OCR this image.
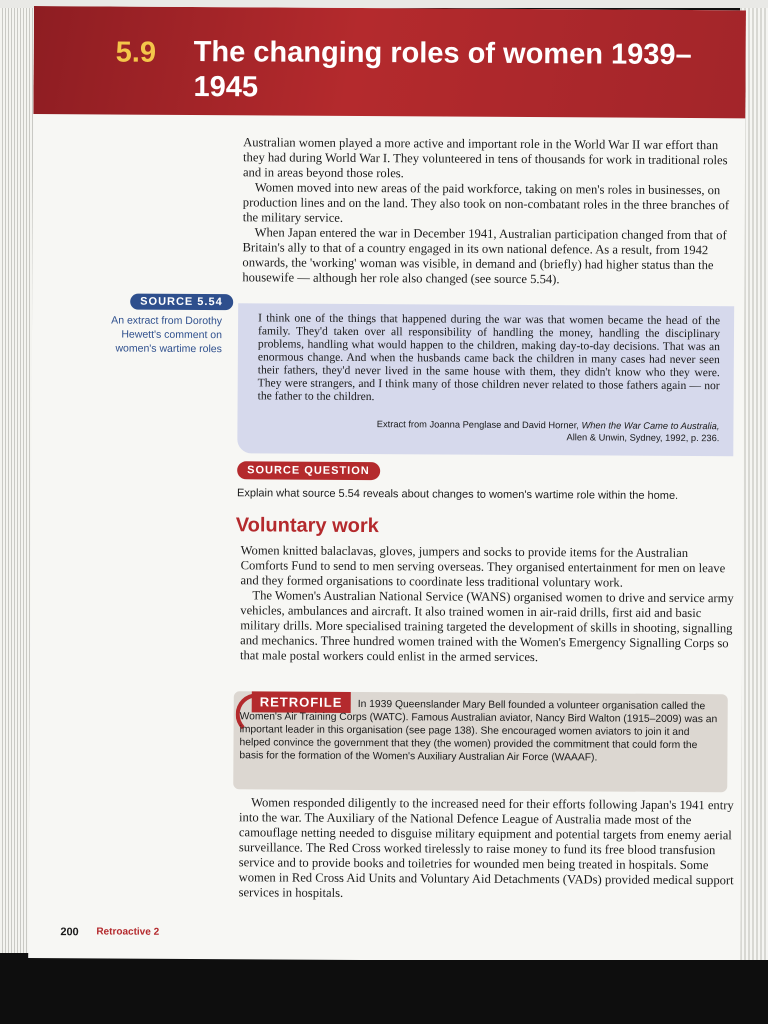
5.9 The changing roles of women 1939–1945

Australian women played a more active and important role in the World War II war effort than they had during World War I. They volunteered in tens of thousands for work in traditional roles and in areas beyond those roles.

Women moved into new areas of the paid workforce, taking on men's roles in businesses, on production lines and on the land. They also took on non-combatant roles in the three branches of the military service.

When Japan entered the war in December 1941, Australian participation changed from that of Britain's ally to that of a country engaged in its own national defence. As a result, from 1942 onwards, the 'working' woman was visible, in demand and (briefly) had higher status than the housewife — although her role also changed (see source 5.54).

SOURCE 5.54
An extract from Dorothy Hewett's comment on women's wartime roles
I think one of the things that happened during the war was that women became the head of the family. They'd taken over all responsibility of handling the money, handling the disciplinary problems, handling what would happen to the children, making day-to-day decisions. That was an enormous change. And when the husbands came back the children in many cases had never seen their fathers, they'd never lived in the same house with them, they didn't know who they were. They were strangers, and I think many of those children never related to those fathers again — nor the father to the children.
Extract from Joanna Penglase and David Horner, When the War Came to Australia,
Allen & Unwin, Sydney, 1992, p. 236.
SOURCE QUESTION
Explain what source 5.54 reveals about changes to women's wartime role within the home.
Voluntary work

Women knitted balaclavas, gloves, jumpers and socks to provide items for the Australian Comforts Fund to send to men serving overseas. They organised entertainment for men on leave and they formed organisations to coordinate less traditional voluntary work.

The Women's Australian National Service (WANS) organised women to drive and service army vehicles, ambulances and aircraft. It also trained women in air-raid drills, first aid and basic military drills. More specialised training targeted the development of skills in shooting, signalling and mechanics. Three hundred women trained with the Women's Emergency Signalling Corps so that male postal workers could enlist in the armed services.

RETROFILE	In 1939 Queenslander Mary Bell founded a volunteer organisation called the Women's Air Training Corps (WATC). Famous Australian aviator, Nancy Bird Walton (1915–2009) was an important leader in this organisation (see page 138). She encouraged women aviators to join it and helped convince the government that they (the women) provided the commitment that could form the basis for the formation of the Women's Auxiliary Australian Air Force (WAAAF).

Women responded diligently to the increased need for their efforts following Japan's 1941 entry into the war. The Auxiliary of the National Defence League of Australia made most of the camouflage netting needed to disguise military equipment and potential targets from enemy aerial surveillance. The Red Cross worked tirelessly to raise money to fund its free blood transfusion service and to provide books and toiletries for wounded men being treated in hospitals. Some women in Red Cross Aid Units and Voluntary Aid Detachments (VADs) provided medical support services in hospitals.

200 Retroactive 2
